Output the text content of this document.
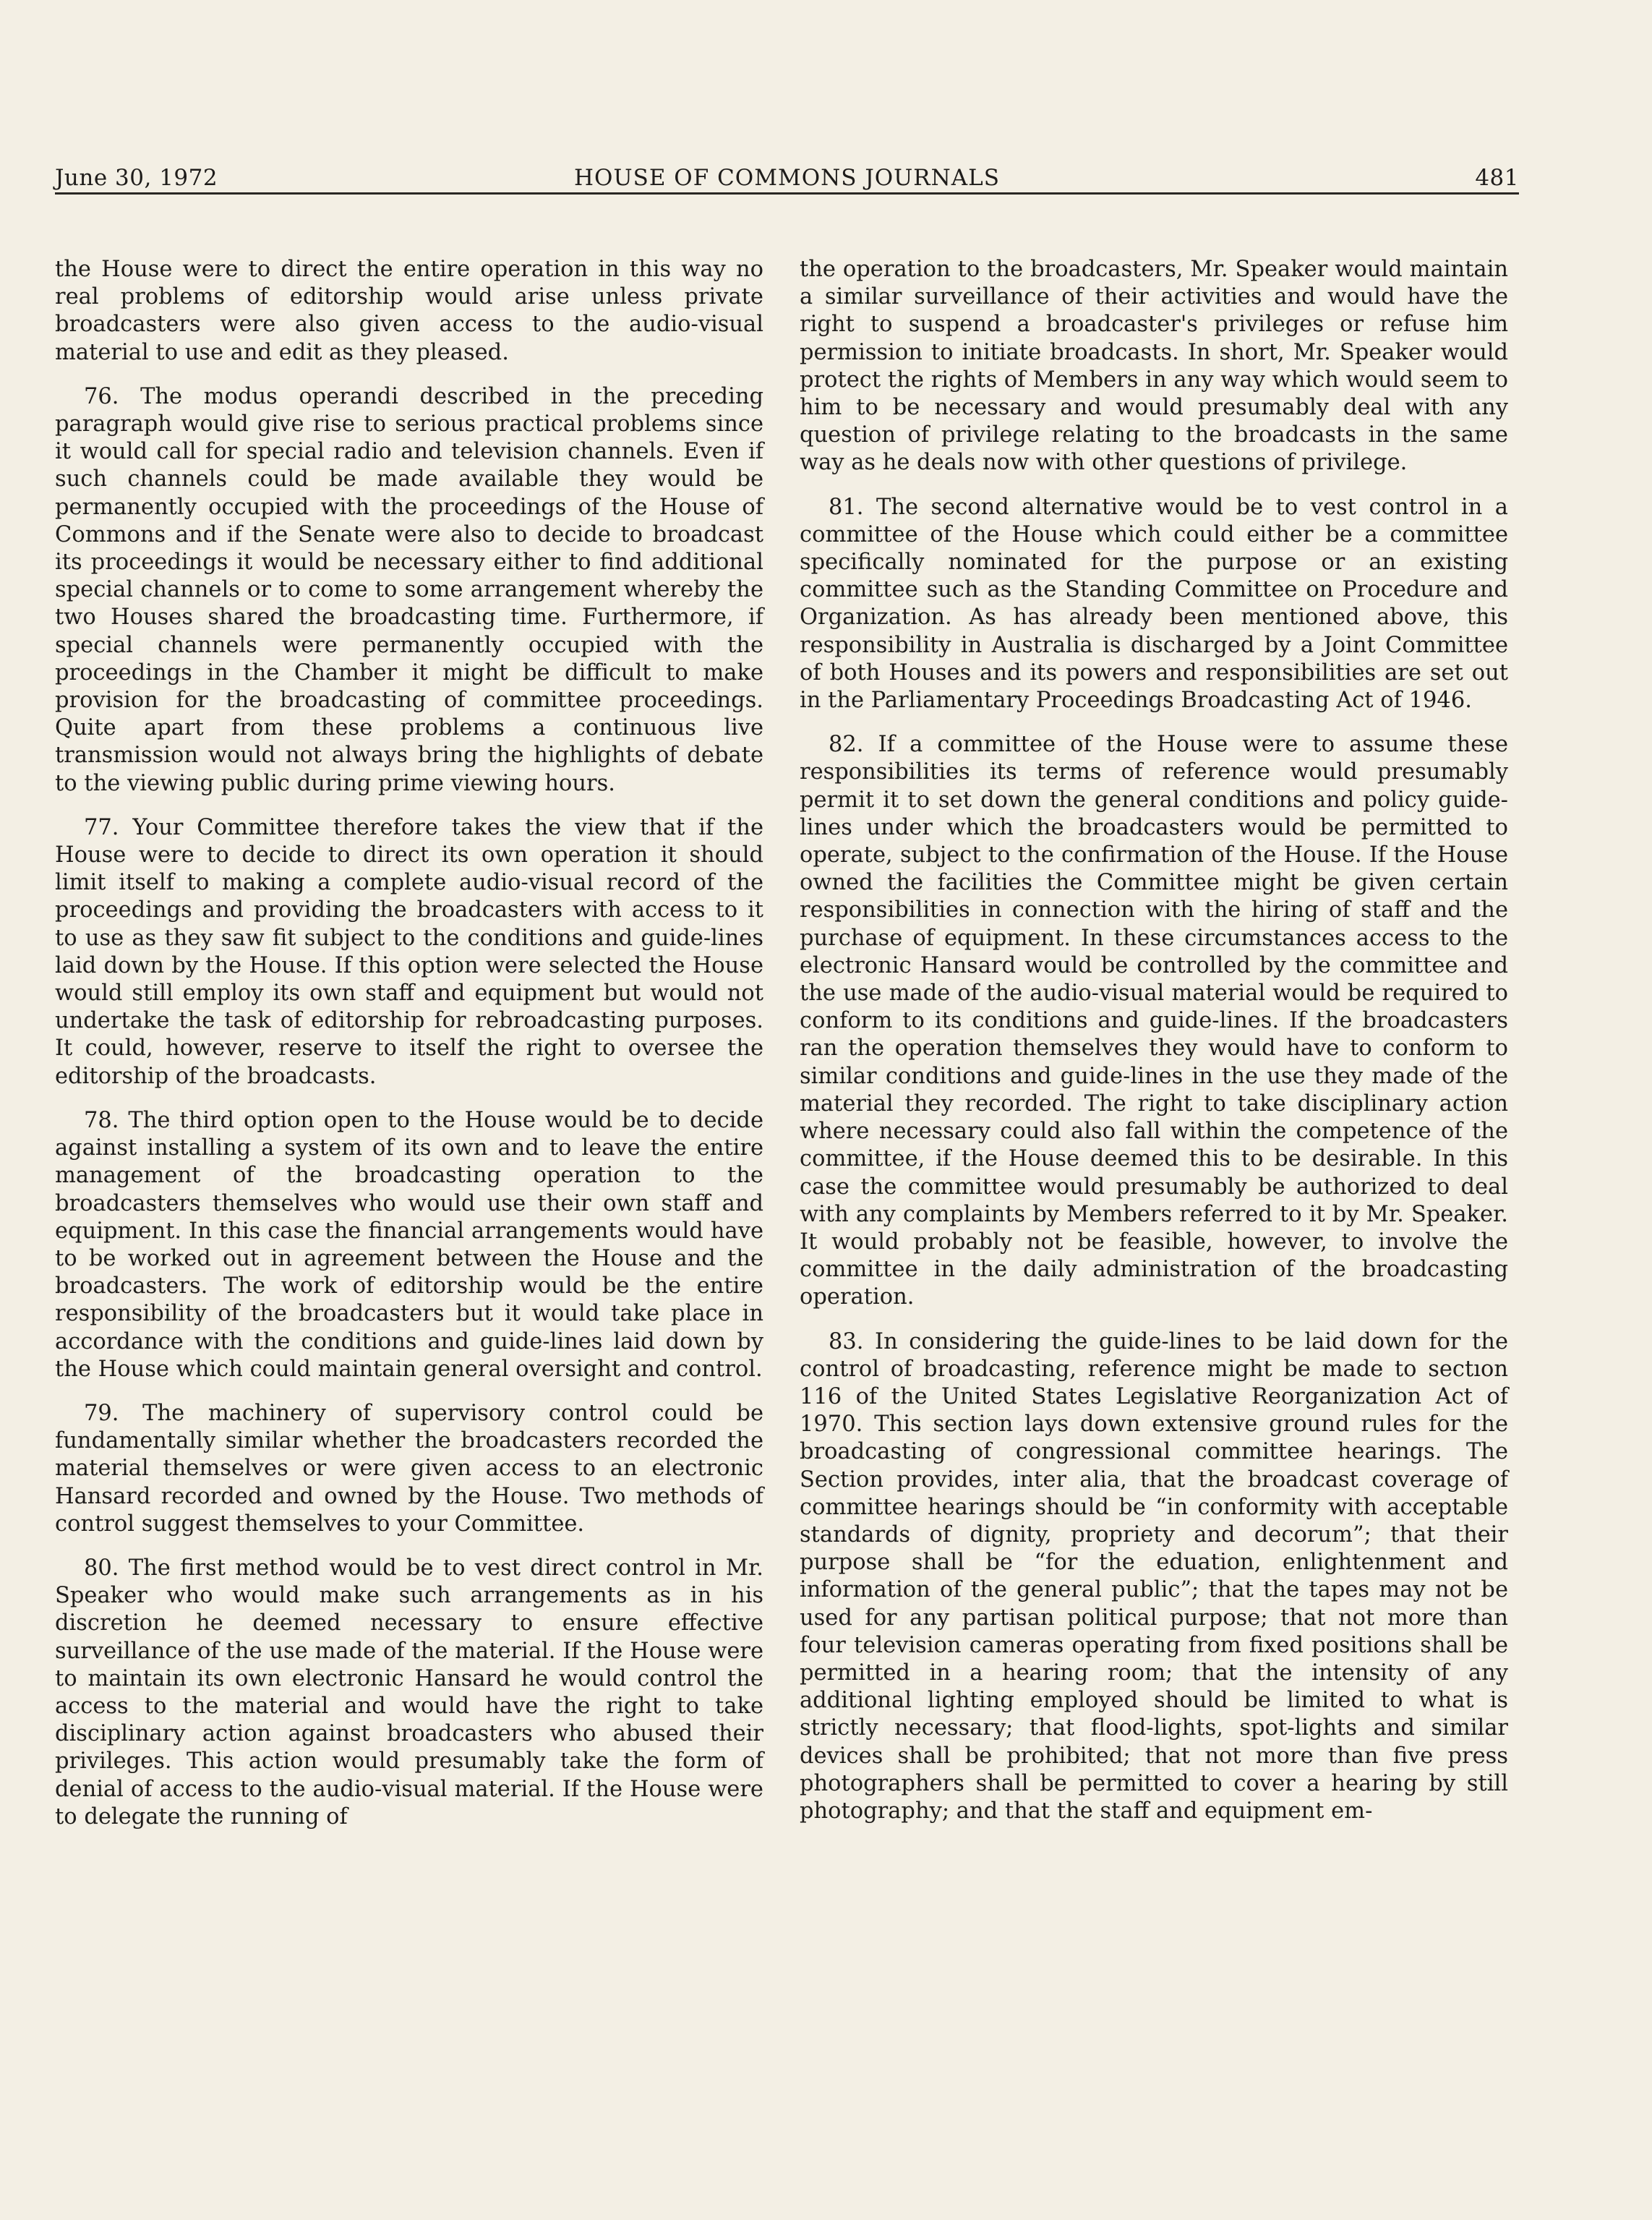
June 30, 1972	HOUSE OF COMMONS JOURNALS	481

the House were to direct the entire operation in this way no real problems of editorship would arise unless private broadcasters were also given access to the audio-visual material to use and edit as they pleased.

76. The modus operandi described in the preceding paragraph would give rise to serious practical problems since it would call for special radio and television channels. Even if such channels could be made available they would be permanently occupied with the proceedings of the House of Commons and if the Senate were also to decide to broadcast its proceedings it would be necessary either to find additional special channels or to come to some arrangement whereby the two Houses shared the broadcasting time. Furthermore, if special channels were permanently occupied with the proceedings in the Chamber it might be difficult to make provision for the broadcasting of committee proceedings. Quite apart from these problems a continuous live transmission would not always bring the highlights of debate to the viewing public during prime viewing hours.

77. Your Committee therefore takes the view that if the House were to decide to direct its own operation it should limit itself to making a complete audio-visual record of the proceedings and providing the broadcasters with access to it to use as they saw fit subject to the conditions and guide-lines laid down by the House. If this option were selected the House would still employ its own staff and equipment but would not undertake the task of editorship for rebroadcasting purposes. It could, however, reserve to itself the right to oversee the editorship of the broadcasts.

78. The third option open to the House would be to decide against installing a system of its own and to leave the entire management of the broadcasting operation to the broadcasters themselves who would use their own staff and equipment. In this case the financial arrangements would have to be worked out in agreement between the House and the broadcasters. The work of editorship would be the entire responsibility of the broadcasters but it would take place in accordance with the conditions and guide-lines laid down by the House which could maintain general oversight and control.

79. The machinery of supervisory control could be fundamentally similar whether the broadcasters recorded the material themselves or were given access to an electronic Hansard recorded and owned by the House. Two methods of control suggest themselves to your Committee.

80. The first method would be to vest direct control in Mr. Speaker who would make such arrangements as in his discretion he deemed necessary to ensure effective surveillance of the use made of the material. If the House were to maintain its own electronic Hansard he would control the access to the material and would have the right to take disciplinary action against broadcasters who abused their privileges. This action would presumably take the form of denial of access to the audio-visual material. If the House were to delegate the running of

the operation to the broadcasters, Mr. Speaker would maintain a similar surveillance of their activities and would have the right to suspend a broadcaster's privileges or refuse him permission to initiate broadcasts. In short, Mr. Speaker would protect the rights of Members in any way which would seem to him to be necessary and would presumably deal with any question of privilege relating to the broadcasts in the same way as he deals now with other questions of privilege.

81. The second alternative would be to vest control in a committee of the House which could either be a committee specifically nominated for the purpose or an existing committee such as the Standing Committee on Procedure and Organization. As has already been mentioned above, this responsibility in Australia is discharged by a Joint Committee of both Houses and its powers and responsibilities are set out in the Parliamentary Proceedings Broadcasting Act of 1946.

82. If a committee of the House were to assume these responsibilities its terms of reference would presumably permit it to set down the general conditions and policy guide-lines under which the broadcasters would be permitted to operate, subject to the confirmation of the House. If the House owned the facilities the Committee might be given certain responsibilities in connection with the hiring of staff and the purchase of equipment. In these circumstances access to the electronic Hansard would be controlled by the committee and the use made of the audio-visual material would be required to conform to its conditions and guide-lines. If the broadcasters ran the operation themselves they would have to conform to similar conditions and guide-lines in the use they made of the material they recorded. The right to take disciplinary action where necessary could also fall within the competence of the committee, if the House deemed this to be desirable. In this case the committee would presumably be authorized to deal with any complaints by Members referred to it by Mr. Speaker. It would probably not be feasible, however, to involve the committee in the daily administration of the broadcasting operation.

83. In considering the guide-lines to be laid down for the control of broadcasting, reference might be made to sectıon 116 of the United States Legislative Reorganization Act of 1970. This section lays down extensive ground rules for the broadcasting of congressional committee hearings. The Section provides, inter alia, that the broadcast coverage of committee hearings should be “in conformity with acceptable standards of dignity, propriety and decorum”; that their purpose shall be “for the eduation, enlightenment and information of the general public”; that the tapes may not be used for any partisan political purpose; that not more than four television cameras operating from fixed positions shall be permitted in a hearing room; that the intensity of any additional lighting employed should be limited to what is strictly necessary; that flood-lights, spot-lights and similar devices shall be prohibited; that not more than five press photographers shall be permitted to cover a hearing by still photography; and that the staff and equipment em-
